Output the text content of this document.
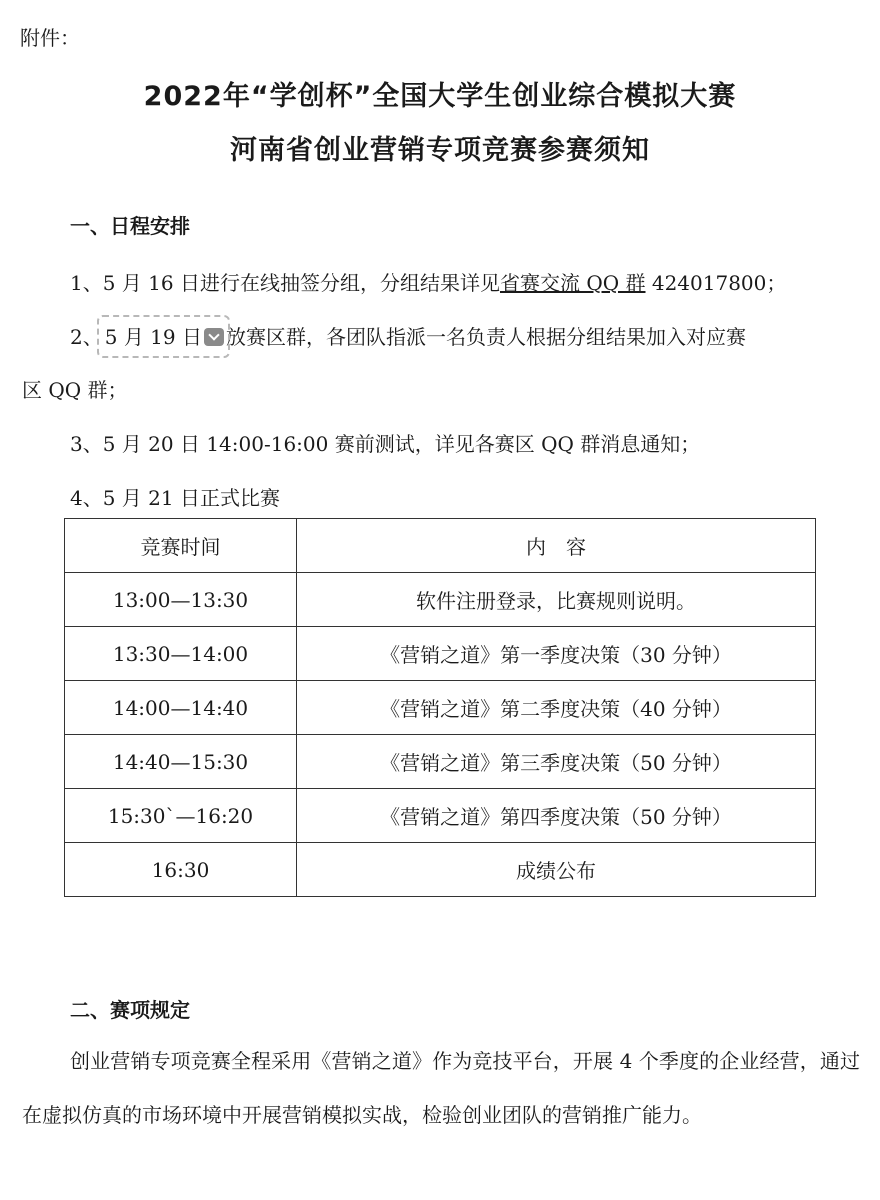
附件：
2022年“学创杯”全国大学生创业综合模拟大赛
河南省创业营销专项竞赛参赛须知
一、日程安排
1、5 月 16 日进行在线抽签分组，分组结果详见省赛交流 QQ 群 424017800；
2、 5 月 19 日 放赛区群，各团队指派一名负责人根据分组结果加入对应赛
区 QQ 群；
3、5 月 20 日 14:00-16:00 赛前测试，详见各赛区 QQ 群消息通知；
4、5 月 21 日正式比赛
竞赛时间	内　容
13:00—13:30	软件注册登录，比赛规则说明。
13:30—14:00	《营销之道》第一季度决策（30 分钟）
14:00—14:40	《营销之道》第二季度决策（40 分钟）
14:40—15:30	《营销之道》第三季度决策（50 分钟）
15:30`—16:20	《营销之道》第四季度决策（50 分钟）
16:30	成绩公布
二、赛项规定
创业营销专项竞赛全程采用《营销之道》作为竞技平台，开展 4 个季度的企业经营，通过在虚拟仿真的市场环境中开展营销模拟实战，检验创业团队的营销推广能力。
